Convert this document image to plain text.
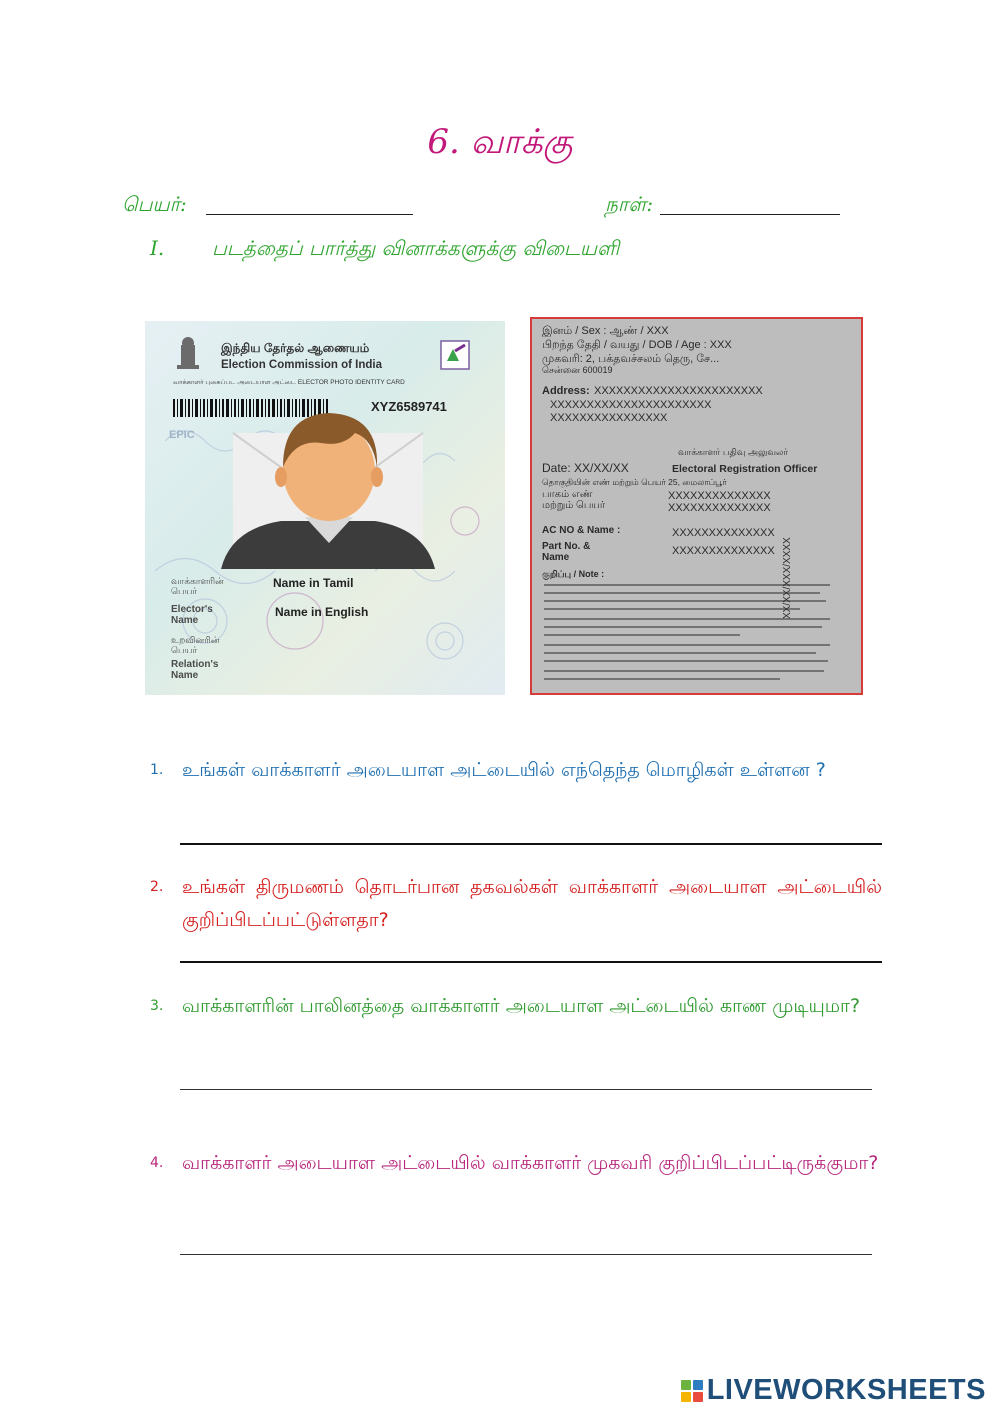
6. வாக்கு
பெயர்:	நாள்:
I. படத்தைப் பார்த்து வினாக்களுக்கு விடையளி
இந்திய தேர்தல் ஆணையம்
Election Commission of India
வாக்காளர் புகைப்பட அடையாள அட்டை ELECTOR PHOTO IDENTITY CARD
XYZ6589741
EPIC
வாக்காளரின் பெயர்
Name in Tamil
Elector's Name
Name in English
உறவினரின் பெயர்
Relation's Name
இனம் / Sex : ஆண் / XXX
பிறந்த தேதி / வயது / DOB / Age : XXX
முகவரி: 2, பக்தவச்சலம் தெரு, சே...
சென்னை 600019
Address: XXXXXXXXXXXXXXXXXXXXXXX
XXXXXXXXXXXXXXXXXXXXXX
XXXXXXXXXXXXXXXX
வாக்காளர் பதிவு அலுவலர்
Date: XX/XX/XX	Electoral Registration Officer
தொகுதியின் எண் மற்றும் பெயர் 25, மைலாப்பூர்
பாகம் எண்
மற்றும் பெயர்
XXXXXXXXXXXXXX
XXXXXXXXXXXXXX
AC NO & Name :	XXXXXXXXXXXXXX
Part No. &
Name
XXXXXXXXXXXXXX
குறிப்பு / Note :	XX/XX/XXX/XXXX
1. உங்கள் வாக்காளர் அடையாள அட்டையில் எந்தெந்த மொழிகள் உள்ளன ?
2. உங்கள் திருமணம் தொடர்பான தகவல்கள் வாக்காளர் அடையாள அட்டையில் குறிப்பிடப்பட்டுள்ளதா?
3. வாக்காளரின் பாலினத்தை வாக்காளர் அடையாள அட்டையில் காண முடியுமா?
4. வாக்காளர் அடையாள அட்டையில் வாக்காளர் முகவரி குறிப்பிடப்பட்டிருக்குமா?
LIVEWORKSHEETS
